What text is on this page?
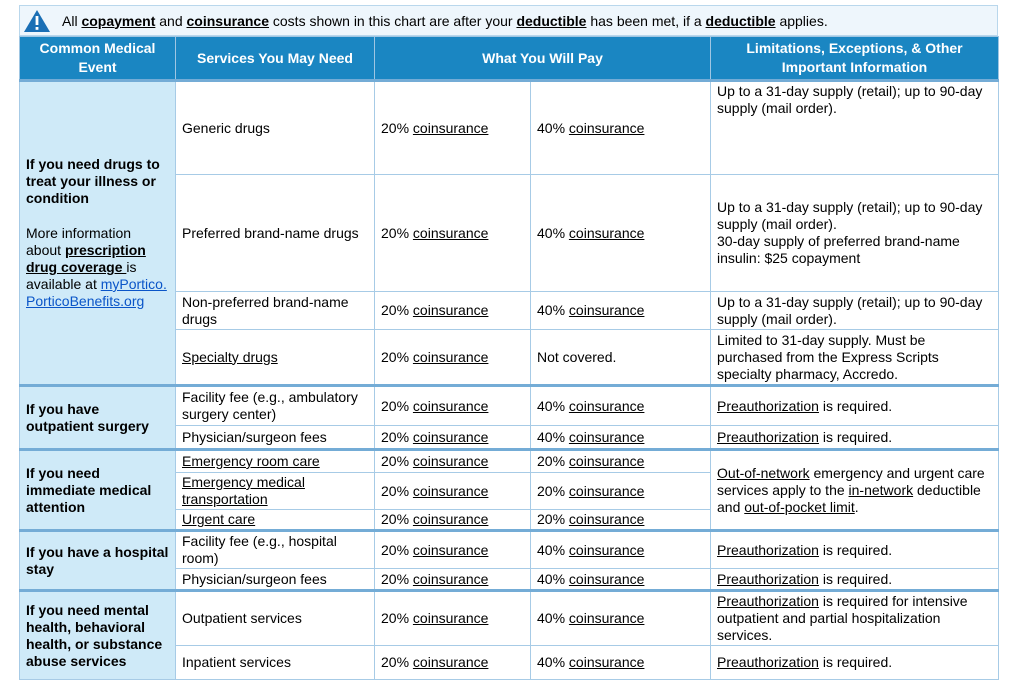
All copayment and coinsurance costs shown in this chart are after your deductible has been met, if a deductible applies.
Common Medical Event	Services You May Need	What You Will Pay		Limitations, Exceptions, & Other Important Information

If you need drugs to treat your illness or condition
More information about prescription drug coverage is available at myPortico.PorticoBenefits.org	Generic drugs	20% coinsurance	40% coinsurance	Up to a 31-day supply (retail); up to 90-day supply (mail order).
	Preferred brand-name drugs	20% coinsurance	40% coinsurance	Up to a 31-day supply (retail); up to 90-day supply (mail order).
30-day supply of preferred brand-name insulin: $25 copayment

	Non-preferred brand-name drugs	20% coinsurance	40% coinsurance	Up to a 31-day supply (retail); up to 90-day supply (mail order).
	Specialty drugs	20% coinsurance	Not covered.	Limited to 31-day supply. Must be purchased from the Express Scripts specialty pharmacy, Accredo.
If you have outpatient surgery	Facility fee (e.g., ambulatory surgery center)	20% coinsurance	40% coinsurance	Preauthorization is required.
	Physician/surgeon fees	20% coinsurance	40% coinsurance	Preauthorization is required.
If you need immediate medical attention	Emergency room care	20% coinsurance	20% coinsurance	Out-of-network emergency and urgent care services apply to the in-network deductible and out-of-pocket limit.
	Emergency medical transportation	20% coinsurance	20% coinsurance	
	Urgent care	20% coinsurance	20% coinsurance	
If you have a hospital stay	Facility fee (e.g., hospital room)	20% coinsurance	40% coinsurance	Preauthorization is required.
	Physician/surgeon fees	20% coinsurance	40% coinsurance	Preauthorization is required.
If you need mental health, behavioral health, or substance abuse services	Outpatient services	20% coinsurance	40% coinsurance	Preauthorization is required for intensive outpatient and partial hospitalization services.
	Inpatient services	20% coinsurance	40% coinsurance	Preauthorization is required.
